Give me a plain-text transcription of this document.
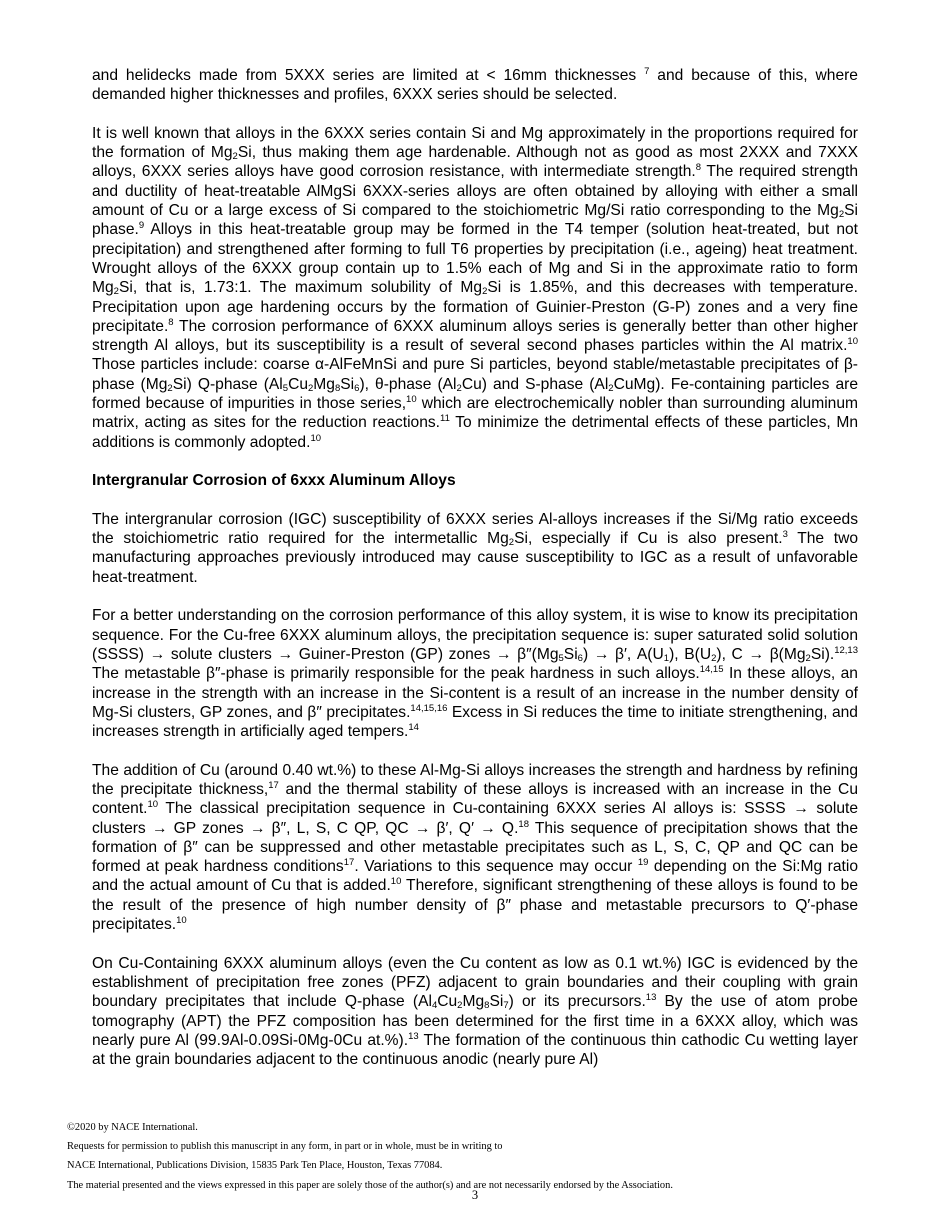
and helidecks made from 5XXX series are limited at < 16mm thicknesses $^7$ and because of this, where demanded higher thicknesses and profiles, 6XXX series should be selected.

It is well known that alloys in the 6XXX series contain Si and Mg approximately in the proportions required for the formation of $Mg_2Si$, thus making them age hardenable. Although not as good as most 2XXX and 7XXX alloys, 6XXX series alloys have good corrosion resistance, with intermediate strength.$^8$ The required strength and ductility of heat-treatable AlMgSi 6XXX-series alloys are often obtained by alloying with either a small amount of Cu or a large excess of Si compared to the stoichiometric Mg/Si ratio corresponding to the $Mg_2Si$ phase.$^9$ Alloys in this heat-treatable group may be formed in the T4 temper (solution heat-treated, but not precipitation) and strengthened after forming to full T6 properties by precipitation (i.e., ageing) heat treatment. Wrought alloys of the 6XXX group contain up to 1.5% each of Mg and Si in the approximate ratio to form $Mg_2Si$, that is, 1.73:1. The maximum solubility of $Mg_2Si$ is 1.85%, and this decreases with temperature. Precipitation upon age hardening occurs by the formation of Guinier-Preston (G-P) zones and a very fine precipitate.$^8$ The corrosion performance of 6XXX aluminum alloys series is generally better than other higher strength Al alloys, but its susceptibility is a result of several second phases particles within the Al matrix.$^{10}$ Those particles include: coarse α-AlFeMnSi and pure Si particles, beyond stable/metastable precipitates of β-phase $(Mg_2Si)$ Q-phase $(Al_5Cu_2Mg_8Si_6)$, θ-phase $(Al_2Cu)$ and S-phase $(Al_2CuMg)$. Fe-containing particles are formed because of impurities in those series,$^{10}$ which are electrochemically nobler than surrounding aluminum matrix, acting as sites for the reduction reactions.$^{11}$ To minimize the detrimental effects of these particles, Mn additions is commonly adopted.$^{10}$

Intergranular Corrosion of 6xxx Aluminum Alloys

The intergranular corrosion (IGC) susceptibility of 6XXX series Al-alloys increases if the Si/Mg ratio exceeds the stoichiometric ratio required for the intermetallic $Mg_2Si$, especially if Cu is also present.$^3$ The two manufacturing approaches previously introduced may cause susceptibility to IGC as a result of unfavorable heat-treatment.

For a better understanding on the corrosion performance of this alloy system, it is wise to know its precipitation sequence. For the Cu-free 6XXX aluminum alloys, the precipitation sequence is: super saturated solid solution (SSSS) → solute clusters → Guiner-Preston (GP) zones → $\beta''(Mg_5Si_6) \to \beta'$, $A(U_1)$, $B(U_2)$, $C \to \beta(Mg_2Si).^{12,13}$ The metastable β″-phase is primarily responsible for the peak hardness in such alloys.$^{14,15}$ In these alloys, an increase in the strength with an increase in the Si-content is a result of an increase in the number density of Mg-Si clusters, GP zones, and β″ precipitates.$^{14,15,16}$ Excess in Si reduces the time to initiate strengthening, and increases strength in artificially aged tempers.$^{14}$

The addition of Cu (around 0.40 wt.%) to these Al-Mg-Si alloys increases the strength and hardness by refining the precipitate thickness,$^{17}$ and the thermal stability of these alloys is increased with an increase in the Cu content.$^{10}$ The classical precipitation sequence in Cu-containing 6XXX series Al alloys is: SSSS → solute clusters → GP zones → β″, L, S, C QP, QC → β′, Q′ → Q.$^{18}$ This sequence of precipitation shows that the formation of β″ can be suppressed and other metastable precipitates such as L, S, C, QP and QC can be formed at peak hardness conditions$^{17}$. Variations to this sequence may occur $^{19}$ depending on the Si:Mg ratio and the actual amount of Cu that is added.$^{10}$ Therefore, significant strengthening of these alloys is found to be the result of the presence of high number density of β″ phase and metastable precursors to Q′-phase precipitates.$^{10}$

On Cu-Containing 6XXX aluminum alloys (even the Cu content as low as 0.1 wt.%) IGC is evidenced by the establishment of precipitation free zones (PFZ) adjacent to grain boundaries and their coupling with grain boundary precipitates that include Q-phase $(Al_4Cu_2Mg_8Si_7)$ or its precursors.$^{13}$ By the use of atom probe tomography (APT) the PFZ composition has been determined for the first time in a 6XXX alloy, which was nearly pure Al (99.9Al-0.09Si-0Mg-0Cu at.%).$^{13}$ The formation of the continuous thin cathodic Cu wetting layer at the grain boundaries adjacent to the continuous anodic (nearly pure Al)

©2020 by NACE International.
Requests for permission to publish this manuscript in any form, in part or in whole, must be in writing to
NACE International, Publications Division, 15835 Park Ten Place, Houston, Texas 77084.
The material presented and the views expressed in this paper are solely those of the author(s) and are not necessarily endorsed by the Association.
3
